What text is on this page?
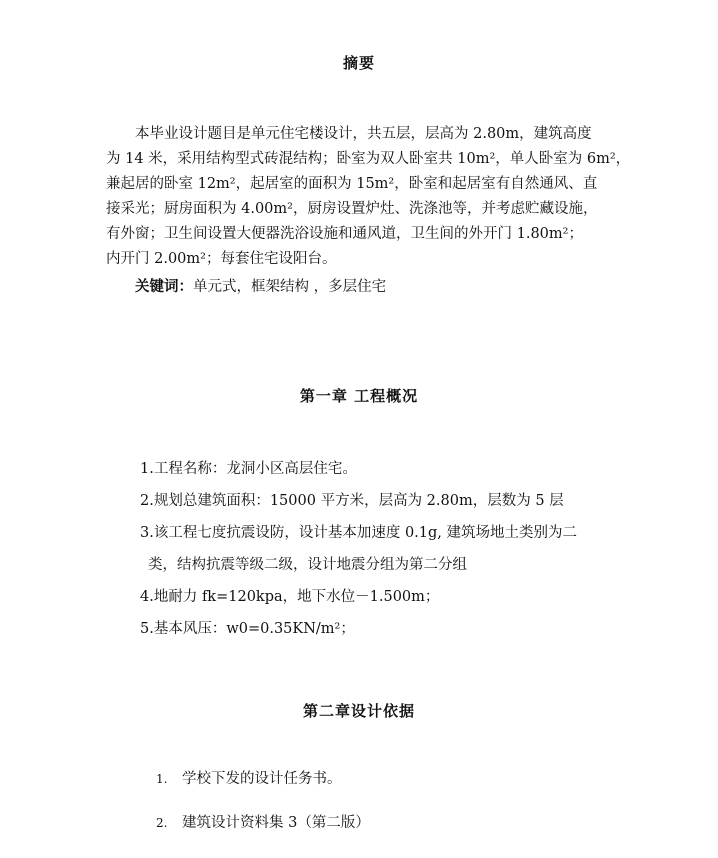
摘要
本毕业设计题目是单元住宅楼设计，共五层，层高为 2.80m，建筑高度
为 14 米，采用结构型式砖混结构；卧室为双人卧室共 10m²，单人卧室为 6m²，
兼起居的卧室 12m²，起居室的面积为 15m²，卧室和起居室有自然通风、直
接采光；厨房面积为 4.00m²，厨房设置炉灶、洗涤池等，并考虑贮藏设施，
有外窗；卫生间设置大便器洗浴设施和通风道，卫生间的外开门 1.80m²；
内开门 2.00m²；每套住宅设阳台。
关键词：单元式，框架结构 ，多层住宅
第一章 工程概况
1.工程名称：龙洞小区高层住宅。
2.规划总建筑面积：15000 平方米，层高为 2.80m，层数为 5 层
3.该工程七度抗震设防，设计基本加速度 0.1g, 建筑场地土类别为二
类，结构抗震等级二级，设计地震分组为第二分组
4.地耐力 fk=120kpa，地下水位－1.500m；
5.基本风压：w0=0.35KN/m²；
第二章设计依据
1. 学校下发的设计任务书。
2. 建筑设计资料集 3（第二版）
